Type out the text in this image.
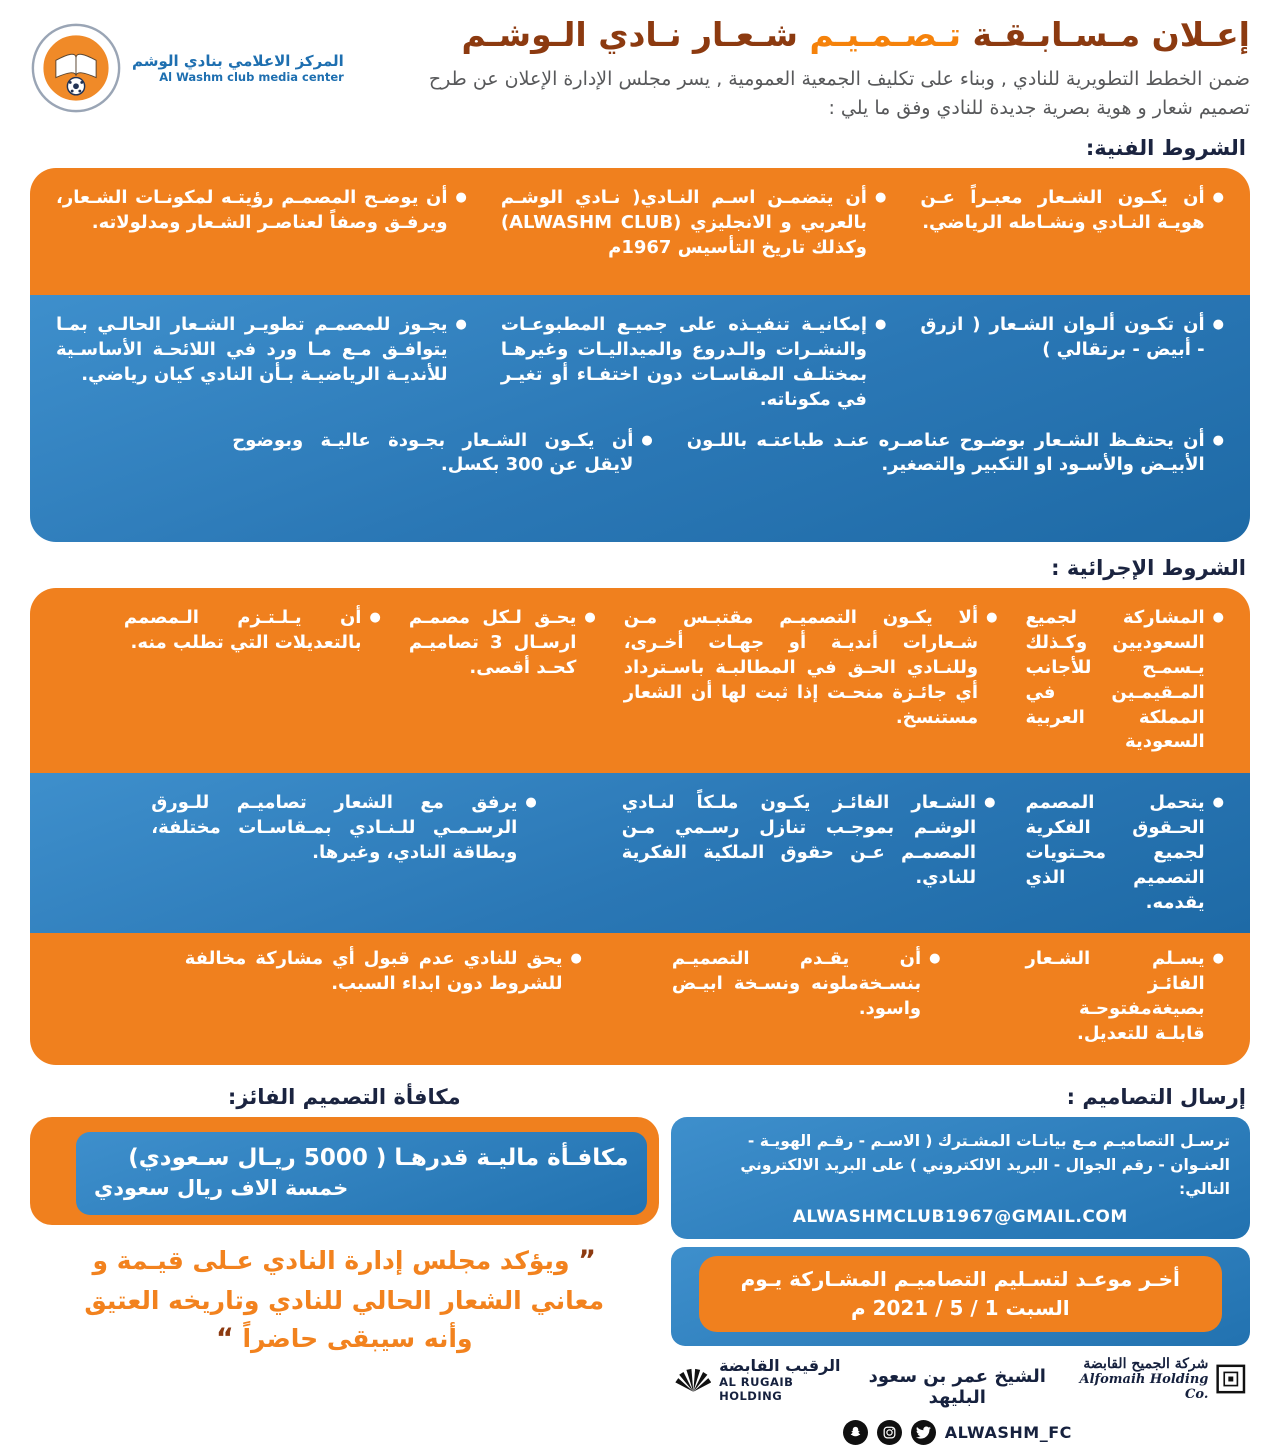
إعـلان مـسـابـقـة تـصـمـيـم شـعـار نـادي الـوشـم
ضمن الخطط التطويرية للنادي , وبناء على تكليف الجمعية العمومية , يسر مجلس الإدارة الإعلان عن طرح تصميم شعار و هوية بصرية جديدة للنادي وفق ما يلي :
المركز الاعلامي بنادي الوشم
Al Washm club media center
الشروط الفنية:
●

أن يكـون الشـعار معبـراً عـن هويـة النـادي ونشـاطه الرياضي.

●

أن يتضمـن اسـم النـادي( نـادي الوشـم بالعربي و الانجليزي (ALWASHM CLUB) وكذلك تاريخ التأسيس 1967م

●

أن يوضـح المصمـم رؤيتـه لمكونـات الشـعار، ويرفـق وصفاً لعناصـر الشـعار ومدلولاته.

●

أن تكـون ألـوان الشـعار ( ازرق - أبيض - برتقالي )

●

إمكانيـة تنفيـذه على جميـع المطبوعـات والنشـرات والـدروع والميداليـات وغيرهـا بمختلـف المقاسـات دون اختفـاء أو تغيـر في مكوناته.

●

يجـوز للمصمـم تطويـر الشـعار الحالـي بمـا يتوافـق مـع مـا ورد في اللائحـة الأساسـية للأنديـة الرياضيـة بـأن النادي كيان رياضي.

●

أن يحتفـظ الشـعار بوضـوح عناصـره عنـد طباعتـه باللـون الأبيـض والأسـود او التكبير والتصغير.

●

أن يكـون الشـعار بجـودة عاليـة وبوضوح لايقل عن 300 بكسل.

الشروط الإجرائية :
●

المشاركة لجميع السعوديين وكـذلك يـسمـح للأجانب المـقيمـين في المملكة العربية السعودية

●

ألا يكـون التصميـم مقتبـس مـن شـعارات أنديـة أو جهـات أخـرى، وللنـادي الحـق في المطالبـة باسـترداد أي جائـزة منحـت إذا ثبت لها أن الشعار مستنسخ.

●

يحـق لـكل مصمـم ارسـال 3 تصاميـم كحـد أقصى.

●

أن يـلـتـزم الـمصمم بالتعديلات التي تطلب منه.

●

يتحمل المصمم الحـقوق الفكرية لجميع محـتويات التصميم الذي يقدمه.

●

الشـعار الفائـز يكـون ملـكاً لنـادي الوشـم بموجـب تنازل رسـمي مـن المصمـم عـن حقوق الملكية الفكرية للنادي.

●

يرفق مع الشعار تصاميـم للـورق الرسـمـي للـنـادي بمـقاسـات مختلفة، وبطاقة النادي، وغيرها.

●

يسـلم الشـعار الفائـز بصيغةمفتوحـة قابلـة للتعديل.

●

أن يقـدم التصميـم بنسـخةملونه ونسـخة ابيـض واسود.

●

يحق للنادي عدم قبول أي مشاركة مخالفة للشروط دون ابداء السبب.

إرسال التصاميم :

ترسـل التصاميـم مـع بيانـات المشـترك ( الاسـم - رقـم الهويـة - العنـوان - رقم الجوال - البريد الالكتروني ) على البريد الالكتروني التالي:

ALWASHMCLUB1967@GMAIL.COM

أخـر موعـد لتسـليم التصاميـم المشـاركة يـوم

السبت 1 / 5 / 2021 م

شركة الجميح القابضة
Alfomaih Holding Co.
الشيخ عمر بن سعود البليهد
ALWASHM_FC
الرقيب القابضة
AL RUGAIB HOLDING
مكافأة التصميم الفائز:
مكافـأة ماليـة قدرهـا ( 5000 ريـال سـعودي)
خمسة الاف ريال سعودي
” ويؤكد مجلس إدارة النادي عـلى قيـمة و معاني الشعار الحالي للنادي وتاريخه العتيق وأنه سيبقى حاضراً “
